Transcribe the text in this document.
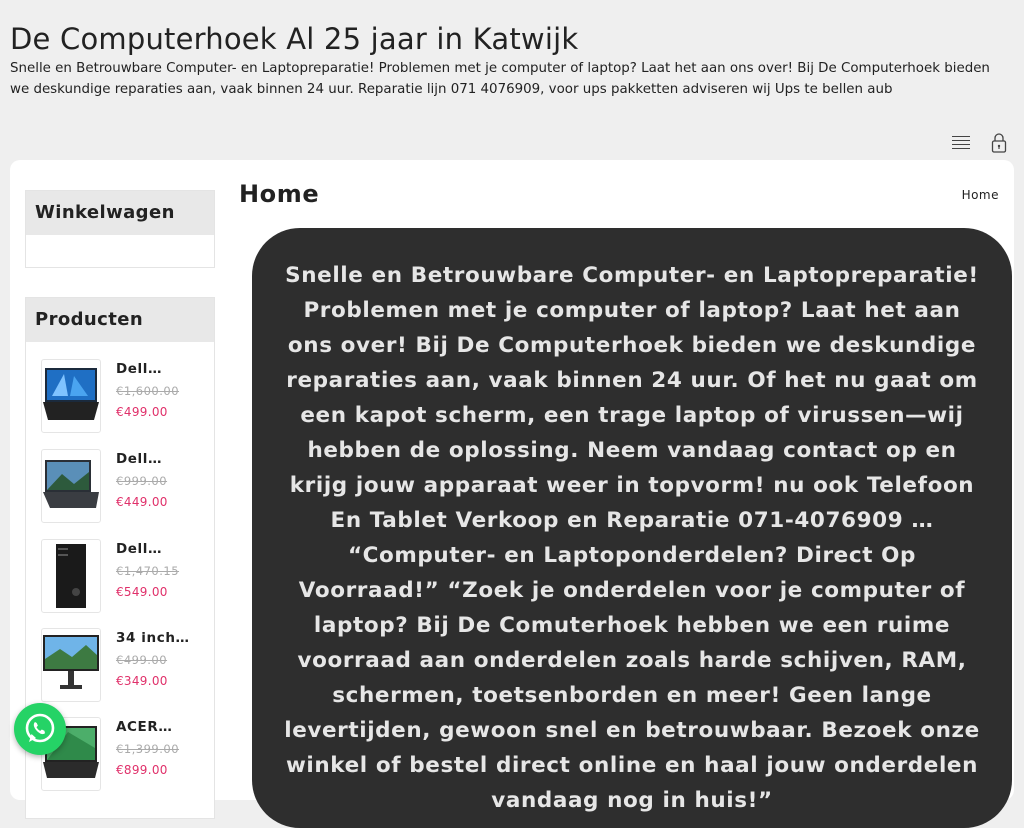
De Computerhoek Al 25 jaar in Katwijk

Snelle en Betrouwbare Computer- en Laptopreparatie! Problemen met je computer of laptop? Laat het aan ons over! Bij De Computerhoek bieden we deskundige reparaties aan, vaak binnen 24 uur. Reparatie lijn 071 4076909, voor ups pakketten adviseren wij Ups te bellen aub

Winkelwagen
Producten
Dell…
€1,600.00
€499.00
Dell…
€999.00
€449.00
Dell…
€1,470.15
€549.00
34 inch…
€499.00
€349.00
ACER…
€1,399.00
€899.00
Home	Home
Snelle en Betrouwbare Computer- en Laptopreparatie! Problemen met je computer of laptop? Laat het aan ons over! Bij De Computerhoek bieden we deskundige reparaties aan, vaak binnen 24 uur. Of het nu gaat om een kapot scherm, een trage laptop of virussen—wij hebben de oplossing. Neem vandaag contact op en krijg jouw apparaat weer in topvorm! nu ook Telefoon En Tablet Verkoop en Reparatie 071-4076909 … “Computer- en Laptoponderdelen? Direct Op Voorraad!” “Zoek je onderdelen voor je computer of laptop? Bij De Comuterhoek hebben we een ruime voorraad aan onderdelen zoals harde schijven, RAM, schermen, toetsenborden en meer! Geen lange levertijden, gewoon snel en betrouwbaar. Bezoek onze winkel of bestel direct online en haal jouw onderdelen vandaag nog in huis!”
